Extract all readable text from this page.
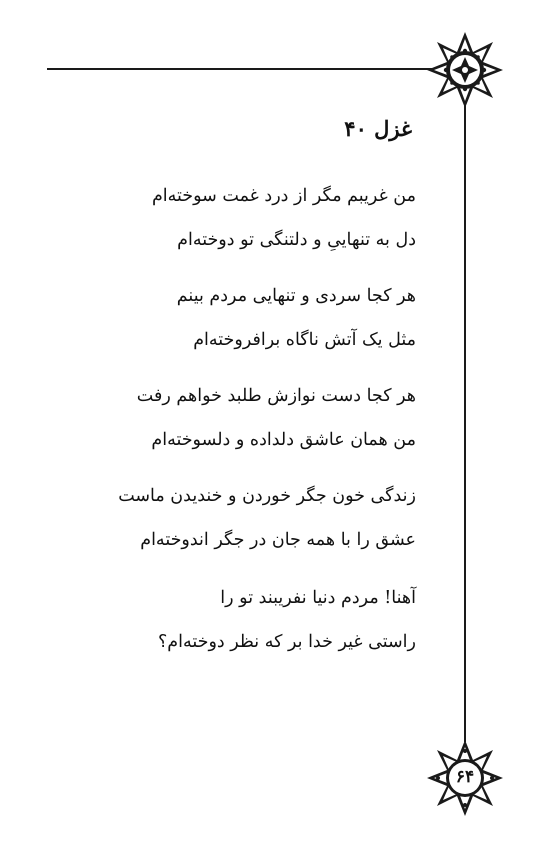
۶۴
غزل ۴۰
من غریبم مگر از درد غمت سوخته‌ام
دل به تنهاییِ و دلتنگی تو دوخته‌ام
هر کجا سردی و تنهایی مردم بینم
مثل یک آتش ناگاه برافروخته‌ام
هر کجا دست نوازش طلبد خواهم رفت
من همان عاشق دلداده و دلسوخته‌ام
زندگی خون جگر خوردن و خندیدن ماست
عشق را با همه جان در جگر اندوخته‌ام
آهنا! مردم دنیا نفریبند تو را
راستی غیر خدا بر که نظر دوخته‌ام؟
